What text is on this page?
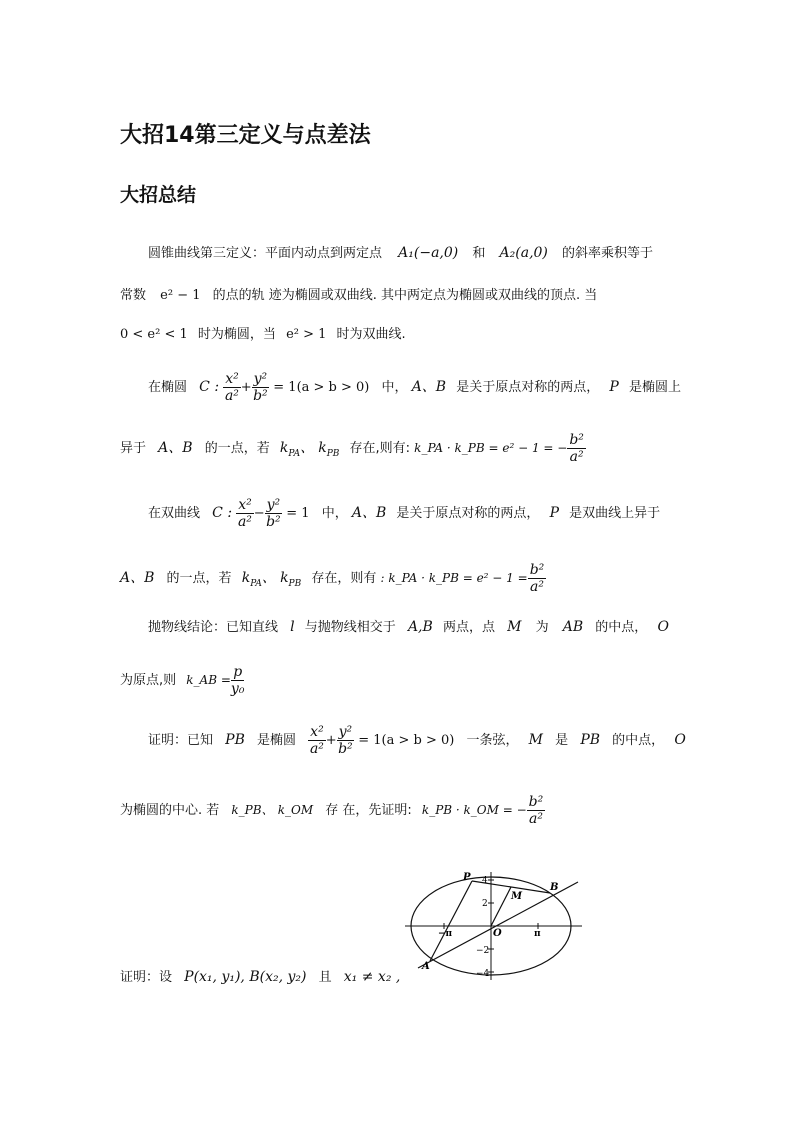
大招14第三定义与点差法
大招总结
圆锥曲线第三定义：平面内动点到两定点 A₁(−a,0) 和 A₂(a,0) 的斜率乘积等于
常数 e² − 1 的点的轨 迹为椭圆或双曲线. 其中两定点为椭圆或双曲线的顶点. 当
0 < e² < 1 时为椭圆，当 e² > 1 时为双曲线.
在椭圆 C : $\frac{\text{x²}}{\text{a²}} + \frac{\text{y²}}{\text{b²}} = 1(a > b > 0)$ 中， A、B 是关于原点对称的两点， P 是椭圆上
异于 A、B 的一点，若 $k_{PA}$、 $k_{PB}$ 存在,则有: k_PA · k_PB = e² − 1 = − $\frac{\text{b²}}{\text{a²}}$
在双曲线 C : $\frac{\text{x²}}{\text{a²}} - \frac{\text{y²}}{\text{b²}} = 1$ 中， A、B 是关于原点对称的两点， P 是双曲线上异于
A、B 的一点，若 $k_{PA}$、 $k_{PB}$ 存在，则有 : k_PA · k_PB = $e^2 - 1 = \frac{\text{b²}}{\text{a²}}$
抛物线结论：已知直线 l 与抛物线相交于 A,B 两点，点 M 为 AB 的中点， O
为原点,则 k_AB = $\frac{p}{\text{y₀}}$
证明：已知 PB 是椭圆 $\frac{\text{x²}}{\text{a²}} + \frac{\text{y²}}{\text{b²}} = 1(a > b > 0)$ 一条弦， M 是 PB 的中点， O
为椭圆的中心. 若 k_PB、 k_OM 存 在，先证明: k_PB · k_OM = − $\frac{\text{b²}}{\text{a²}}$
证明：设 P(x₁, y₁), B(x₂, y₂) 且 x₁ ≠ x₂ ,
P
B
M
O
A
4
2
−2
−4
−π	π
